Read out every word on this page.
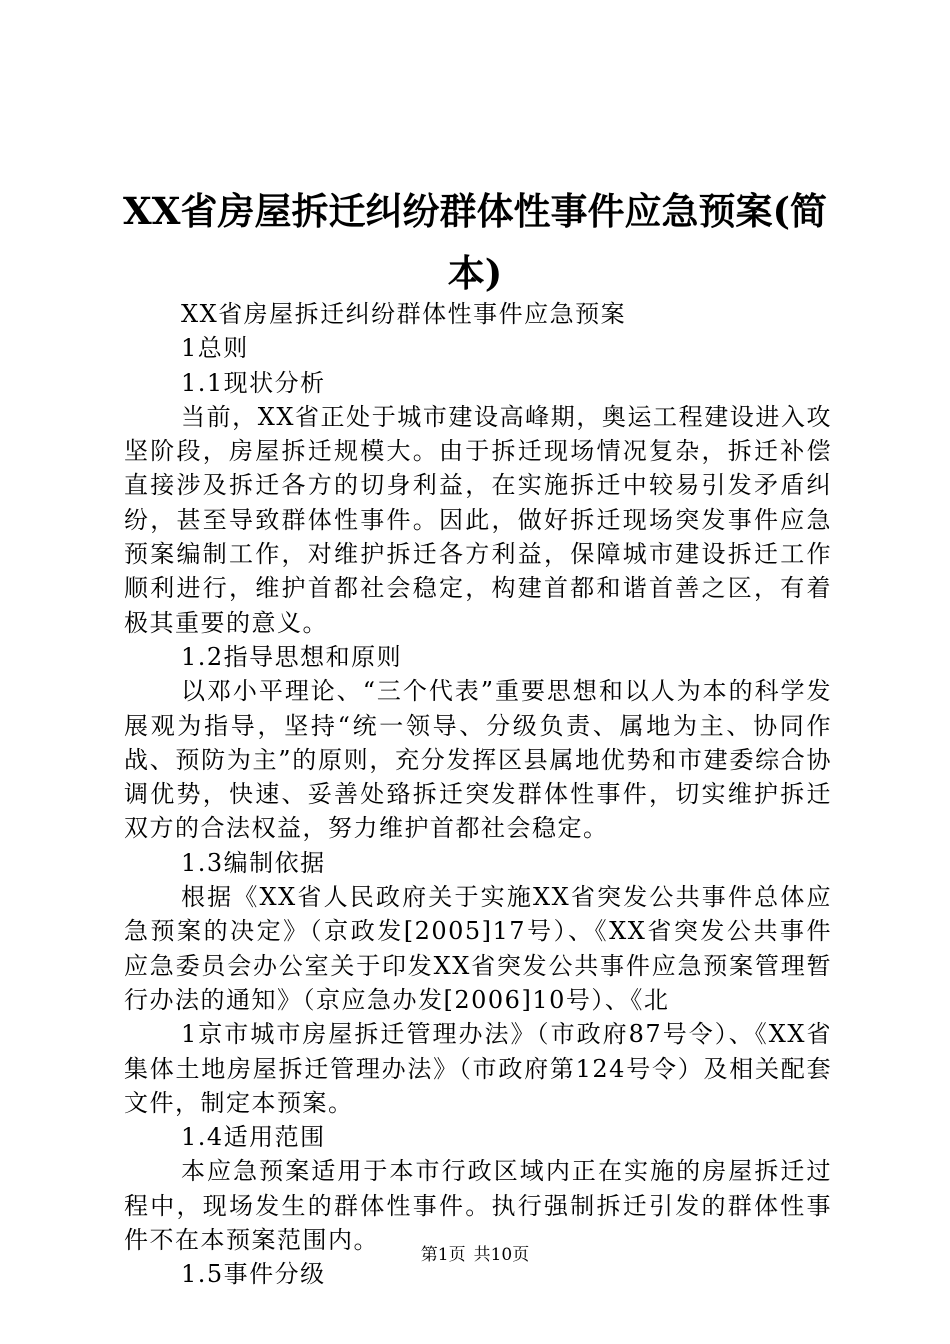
XX省房屋拆迁纠纷群体性事件应急预案(简本)

XX省房屋拆迁纠纷群体性事件应急预案

1总则

1.1现状分析

当前，XX省正处于城市建设高峰期，奥运工程建设进入攻坚阶段，房屋拆迁规模大。由于拆迁现场情况复杂，拆迁补偿直接涉及拆迁各方的切身利益，在实施拆迁中较易引发矛盾纠纷，甚至导致群体性事件。因此，做好拆迁现场突发事件应急预案编制工作，对维护拆迁各方利益，保障城市建设拆迁工作顺利进行，维护首都社会稳定，构建首都和谐首善之区，有着极其重要的意义。

1.2指导思想和原则

以邓小平理论、“三个代表”重要思想和以人为本的科学发展观为指导，坚持“统一领导、分级负责、属地为主、协同作战、预防为主”的原则，充分发挥区县属地优势和市建委综合协调优势，快速、妥善处臵拆迁突发群体性事件，切实维护拆迁双方的合法权益，努力维护首都社会稳定。

1.3编制依据

根据《XX省人民政府关于实施XX省突发公共事件总体应急预案的决定》（京政发[2005]17号）、《XX省突发公共事件应急委员会办公室关于印发XX省突发公共事件应急预案管理暂行办法的通知》（京应急办发[2006]10号）、《北

1京市城市房屋拆迁管理办法》（市政府87号令）、《XX省集体土地房屋拆迁管理办法》（市政府第124号令）及相关配套文件，制定本预案。

1.4适用范围

本应急预案适用于本市行政区域内正在实施的房屋拆迁过程中，现场发生的群体性事件。执行强制拆迁引发的群体性事件不在本预案范围内。

1.5事件分级

第1页 共10页
